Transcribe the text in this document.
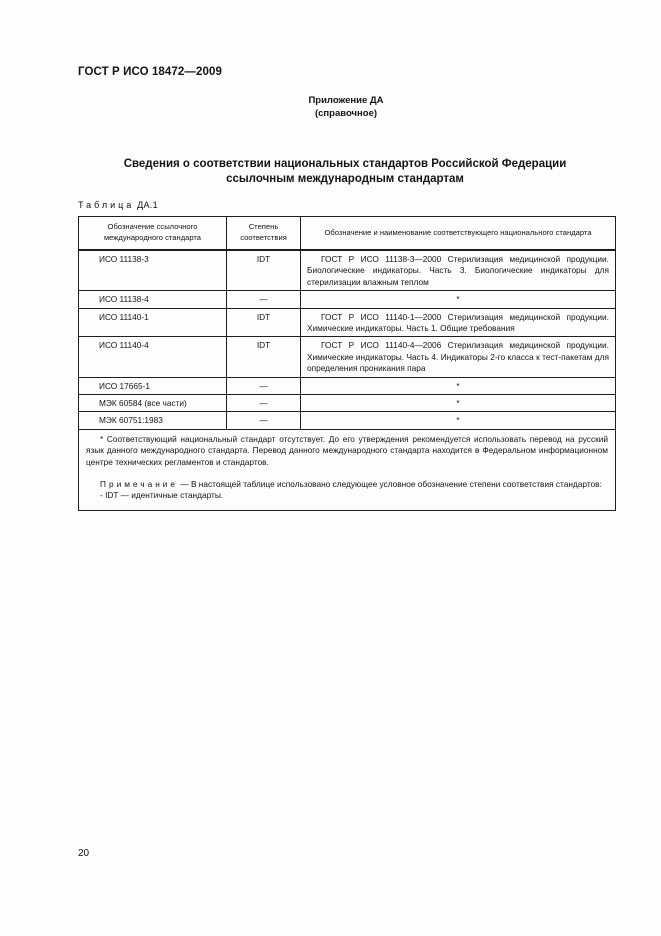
ГОСТ Р ИСО 18472—2009
Приложение ДА
(справочное)
Сведения о соответствии национальных стандартов Российской Федерации
ссылочным международным стандартам
Таблица ДА.1
Обозначение ссылочного международного стандарта	Степень соответствия	Обозначение и наименование соответствующего национального стандарта
ИСО 11138-3	IDT	ГОСТ Р ИСО 11138-3—2000 Стерилизация медицинской продукции. Биологические индикаторы. Часть 3. Биологические индикаторы для стерилизации влажным теплом
ИСО 11138-4	—	*
ИСО 11140-1	IDT	ГОСТ Р ИСО 11140-1—2000 Стерилизация медицинской продукции. Химические индикаторы. Часть 1. Общие требования
ИСО 11140-4	IDT	ГОСТ Р ИСО 11140-4—2006 Стерилизация медицинской продукции. Химические индикаторы. Часть 4. Индикаторы 2-го класса к тест-пакетам для определения проникания пара
ИСО 17665-1	—	*
МЭК 60584 (все части)	—	*
МЭК 60751:1983	—	*

* Соответствующий национальный стандарт отсутствует. До его утверждения рекомендуется использовать перевод на русский язык данного международного стандарта. Перевод данного международного стандарта находится в Федеральном информационном центре технических регламентов и стандартов.

Примечание — В настоящей таблице использовано следующее условное обозначение степени соответствия стандартов:

- IDT — идентичные стандарты.		

20
